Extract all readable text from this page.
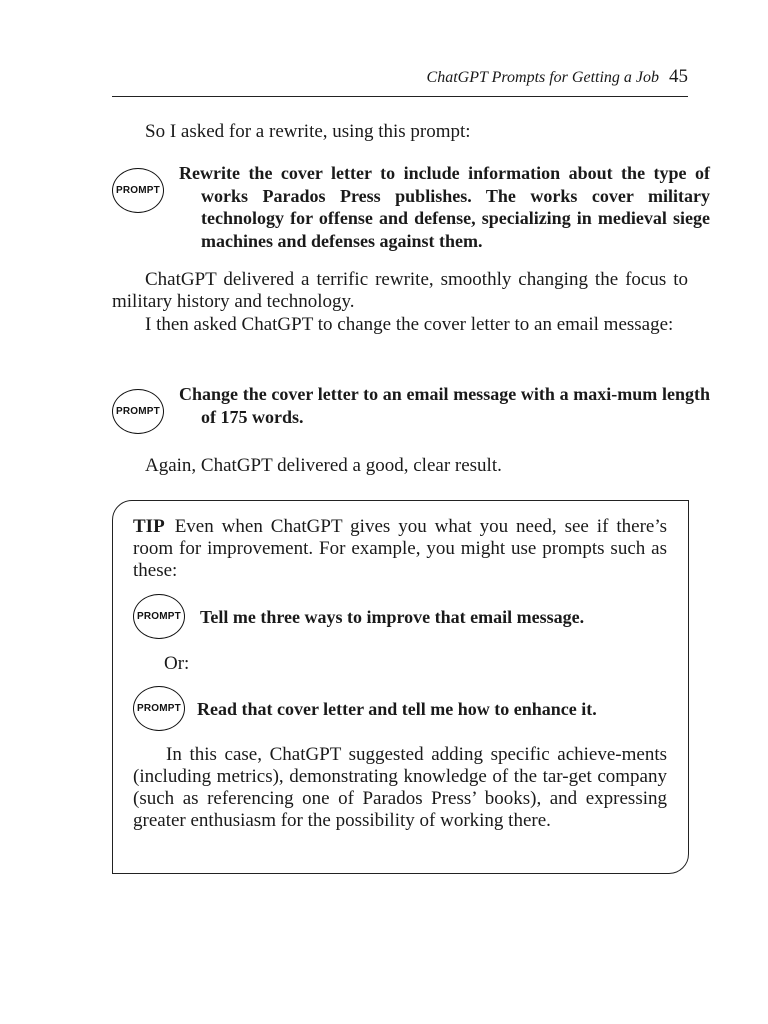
ChatGPT Prompts for Getting a Job 45

So I asked for a rewrite, using this prompt:

PROMPT

Rewrite the cover letter to include information about the type of works Parados Press publishes. The works cover military technology for offense and defense, specializing in medieval siege machines and defenses against them.

ChatGPT delivered a terrific rewrite, smoothly changing the focus to military history and technology.

I then asked ChatGPT to change the cover letter to an email message:

PROMPT

Change the cover letter to an email message with a maxi-mum length of 175 words.

Again, ChatGPT delivered a good, clear result.

TIP Even when ChatGPT gives you what you need, see if there’s room for improvement. For example, you might use prompts such as these:

PROMPT Tell me three ways to improve that email message.

Or:

PROMPT Read that cover letter and tell me how to enhance it.

In this case, ChatGPT suggested adding specific achieve-ments (including metrics), demonstrating knowledge of the tar-get company (such as referencing one of Parados Press’ books), and expressing greater enthusiasm for the possibility of working there.
